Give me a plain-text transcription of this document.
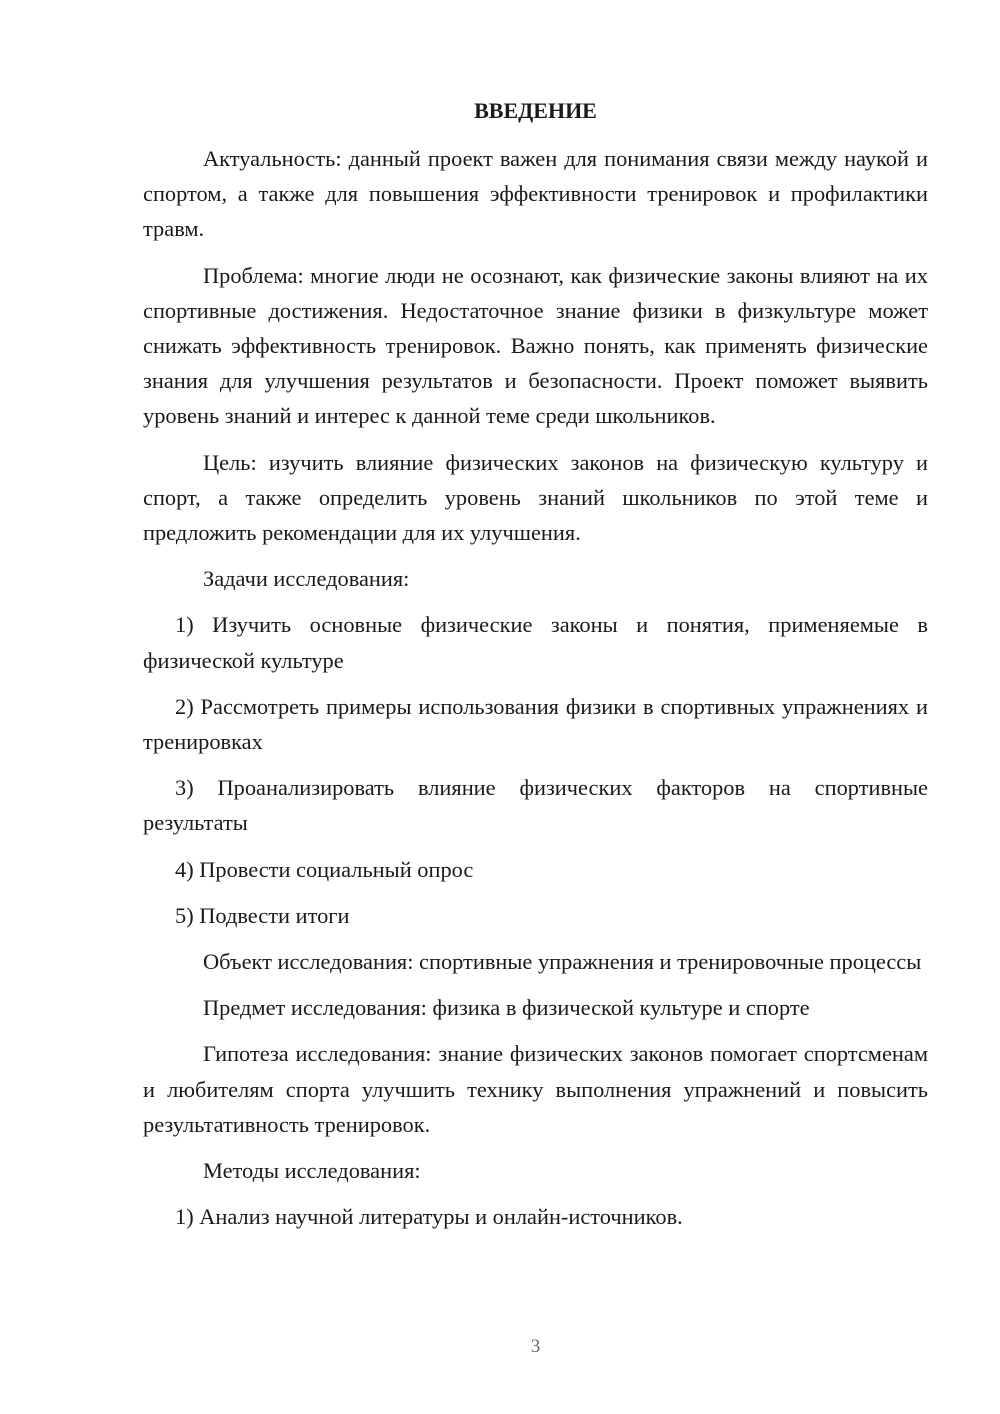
ВВЕДЕНИЕ

Актуальность: данный проект важен для понимания связи между наукой и спортом, а также для повышения эффективности тренировок и профилактики травм.

Проблема: многие люди не осознают, как физические законы влияют на их спортивные достижения. Недостаточное знание физики в физкультуре может снижать эффективность тренировок. Важно понять, как применять физические знания для улучшения результатов и безопасности. Проект поможет выявить уровень знаний и интерес к данной теме среди школьников.

Цель: изучить влияние физических законов на физическую культуру и спорт, а также определить уровень знаний школьников по этой теме и предложить рекомендации для их улучшения.

Задачи исследования:

1) Изучить основные физические законы и понятия, применяемые в физической культуре

2) Рассмотреть примеры использования физики в спортивных упражнениях и тренировках

3) Проанализировать влияние физических факторов на спортивные результаты

4) Провести социальный опрос

5) Подвести итоги

Объект исследования: спортивные упражнения и тренировочные процессы

Предмет исследования: физика в физической культуре и спорте

Гипотеза исследования: знание физических законов помогает спортсменам и любителям спорта улучшить технику выполнения упражнений и повысить результативность тренировок.

Методы исследования:

1) Анализ научной литературы и онлайн-источников.

3
